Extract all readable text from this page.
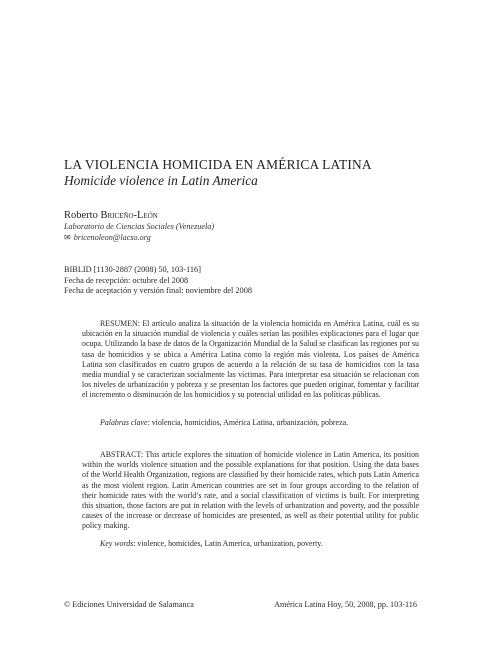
LA VIOLENCIA HOMICIDA EN AMÉRICA LATINA
Homicide violence in Latin America
Roberto Briceño-León
Laboratorio de Ciencias Sociales (Venezuela)
✉ bricenoleon@lacso.org
BIBLID [1130-2887 (2008) 50, 103-116]
Fecha de recepción: octubre del 2008
Fecha de aceptación y versión final: noviembre del 2008
RESUMEN: El artículo analiza la situación de la violencia homicida en América Latina, cuál es su ubicación en la situación mundial de violencia y cuáles serían las posibles explicaciones para el lugar que ocupa. Utilizando la base de datos de la Organización Mundial de la Salud se clasifican las regiones por su tasa de homicidios y se ubica a América Latina como la región más violenta. Los países de América Latina son clasificados en cuatro grupos de acuerdo a la relación de su tasa de homicidios con la tasa media mundial y se caracterizan socialmente las víctimas. Para interpretar esa situación se relacionan con los niveles de urbanización y pobreza y se presentan los factores que pueden originar, fomentar y facilitar el incremento o disminución de los homicidios y su potencial utilidad en las políticas públicas.
Palabras clave: violencia, homicidios, América Latina, urbanización, pobreza.
ABSTRACT: This article explores the situation of homicide violence in Latin America, its position within the worlds violence situation and the possible explanations for that position. Using the data bases of the World Health Organization, regions are classified by their homicide rates, which puts Latin America as the most violent region. Latin American countries are set in four groups according to the relation of their homicide rates with the world’s rate, and a social classification of victims is built. For interpreting this situation, those factors are put in relation with the levels of urbanization and poverty, and the possible causes of the increase or decrease of homicides are presented, as well as their potential utility for public policy making.
Key words: violence, homicides, Latin America, urbanization, poverty.
© Ediciones Universidad de Salamanca	América Latina Hoy, 50, 2008, pp. 103-116
